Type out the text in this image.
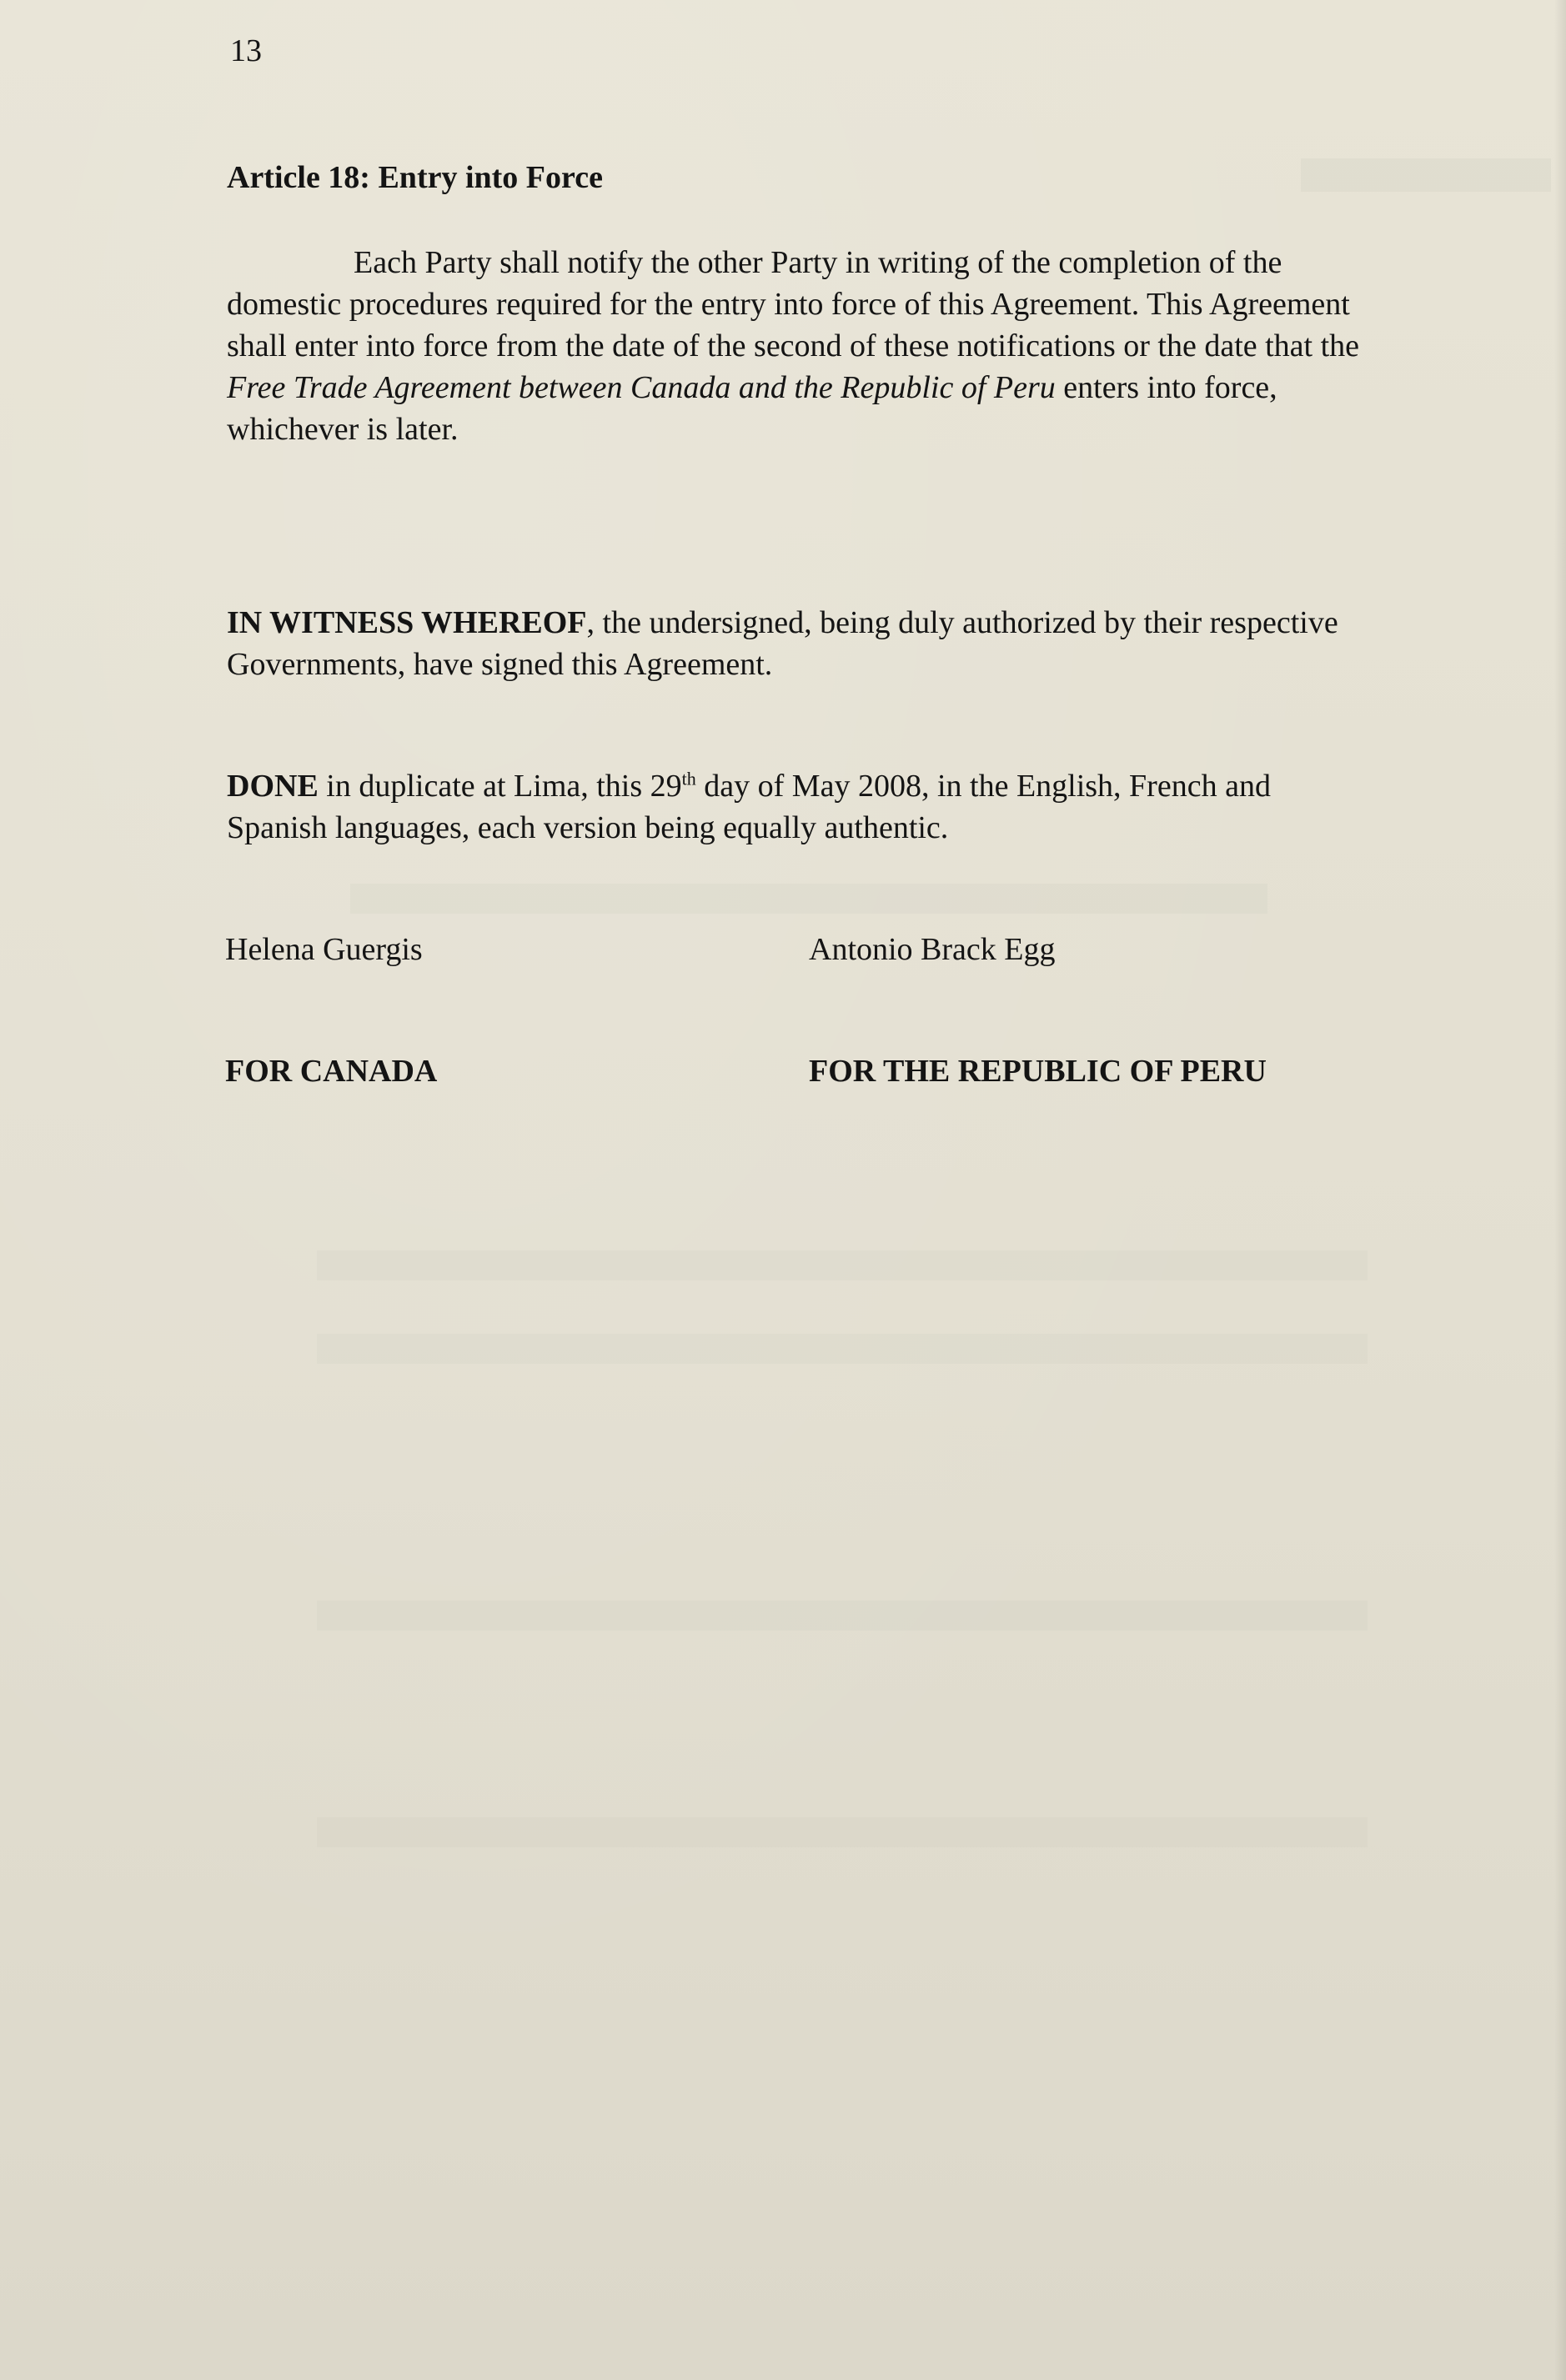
13
Article 18: Entry into Force

Each Party shall notify the other Party in writing of the completion of the domestic procedures required for the entry into force of this Agreement. This Agreement shall enter into force from the date of the second of these notifications or the date that the Free Trade Agreement between Canada and the Republic of Peru enters into force, whichever is later.

IN WITNESS WHEREOF, the undersigned, being duly authorized by their respective Governments, have signed this Agreement.

DONE in duplicate at Lima, this 29th day of May 2008, in the English, French and Spanish languages, each version being equally authentic.

Helena Guergis	Antonio Brack Egg
FOR CANADA	FOR THE REPUBLIC OF PERU
